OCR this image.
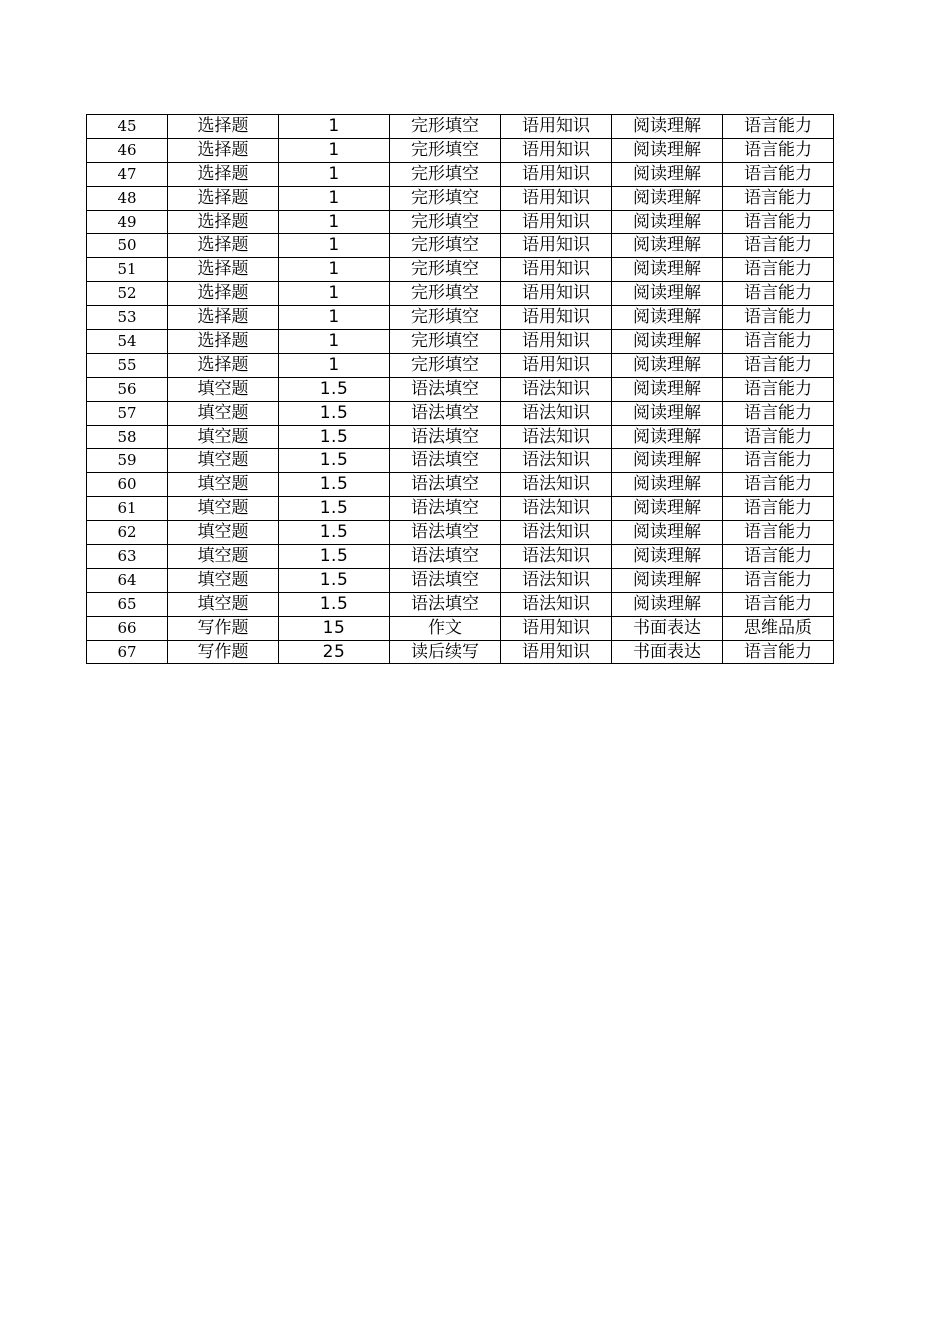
45	选择题	1	完形填空	语用知识	阅读理解	语言能力
46	选择题	1	完形填空	语用知识	阅读理解	语言能力
47	选择题	1	完形填空	语用知识	阅读理解	语言能力
48	选择题	1	完形填空	语用知识	阅读理解	语言能力
49	选择题	1	完形填空	语用知识	阅读理解	语言能力
50	选择题	1	完形填空	语用知识	阅读理解	语言能力
51	选择题	1	完形填空	语用知识	阅读理解	语言能力
52	选择题	1	完形填空	语用知识	阅读理解	语言能力
53	选择题	1	完形填空	语用知识	阅读理解	语言能力
54	选择题	1	完形填空	语用知识	阅读理解	语言能力
55	选择题	1	完形填空	语用知识	阅读理解	语言能力
56	填空题	1.5	语法填空	语法知识	阅读理解	语言能力
57	填空题	1.5	语法填空	语法知识	阅读理解	语言能力
58	填空题	1.5	语法填空	语法知识	阅读理解	语言能力
59	填空题	1.5	语法填空	语法知识	阅读理解	语言能力
60	填空题	1.5	语法填空	语法知识	阅读理解	语言能力
61	填空题	1.5	语法填空	语法知识	阅读理解	语言能力
62	填空题	1.5	语法填空	语法知识	阅读理解	语言能力
63	填空题	1.5	语法填空	语法知识	阅读理解	语言能力
64	填空题	1.5	语法填空	语法知识	阅读理解	语言能力
65	填空题	1.5	语法填空	语法知识	阅读理解	语言能力
66	写作题	15	作文	语用知识	书面表达	思维品质
67	写作题	25	读后续写	语用知识	书面表达	语言能力
